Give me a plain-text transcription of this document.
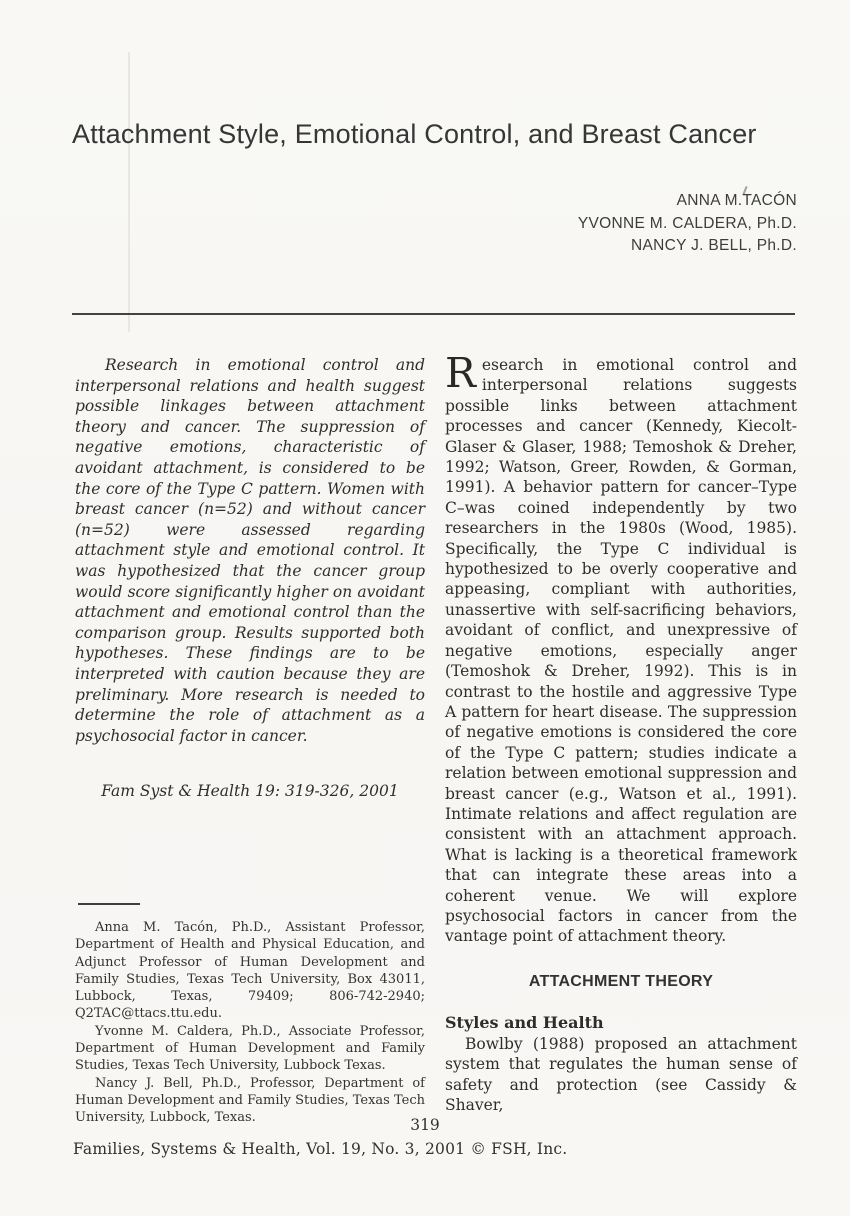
Attachment Style, Emotional Control, and Breast Cancer
ANNA M.TACÓN
YVONNE M. CALDERA, Ph.D.
NANCY J. BELL, Ph.D.

Research in emotional control and interpersonal relations and health suggest possible linkages between attachment theory and cancer. The suppression of negative emotions, characteristic of avoidant attachment, is considered to be the core of the Type C pattern. Women with breast cancer (n=52) and without cancer (n=52) were assessed regarding attachment style and emotional control. It was hypothesized that the cancer group would score significantly higher on avoidant attachment and emotional control than the comparison group. Results supported both hypotheses. These findings are to be interpreted with caution because they are preliminary. More research is needed to determine the role of attachment as a psychosocial factor in cancer.

Fam Syst & Health 19: 319-326, 2001

Anna M. Tacón, Ph.D., Assistant Professor, Department of Health and Physical Education, and Adjunct Professor of Human Development and Family Studies, Texas Tech University, Box 43011, Lubbock, Texas, 79409; 806-742-2940; Q2TAC@ttacs.ttu.edu.

Yvonne M. Caldera, Ph.D., Associate Professor, Department of Human Development and Family Studies, Texas Tech University, Lubbock Texas.

Nancy J. Bell, Ph.D., Professor, Department of Human Development and Family Studies, Texas Tech University, Lubbock, Texas.

Research in emotional control and interpersonal relations suggests possible links between attachment processes and cancer (Kennedy, Kiecolt-Glaser & Glaser, 1988; Temoshok & Dreher, 1992; Watson, Greer, Rowden, & Gorman, 1991). A behavior pattern for cancer–Type C–was coined independently by two researchers in the 1980s (Wood, 1985). Specifically, the Type C individual is hypothesized to be overly cooperative and appeasing, compliant with authorities, unassertive with self-sacrificing behaviors, avoidant of conflict, and unexpressive of negative emotions, especially anger (Temoshok & Dreher, 1992). This is in contrast to the hostile and aggressive Type A pattern for heart disease. The suppression of negative emotions is considered the core of the Type C pattern; studies indicate a relation between emotional suppression and breast cancer (e.g., Watson et al., 1991). Intimate relations and affect regulation are consistent with an attachment approach. What is lacking is a theoretical framework that can integrate these areas into a coherent venue. We will explore psychosocial factors in cancer from the vantage point of attachment theory.

ATTACHMENT THEORY
Styles and Health

Bowlby (1988) proposed an attachment system that regulates the human sense of safety and protection (see Cassidy & Shaver,

319
Families, Systems & Health, Vol. 19, No. 3, 2001 © FSH, Inc.
